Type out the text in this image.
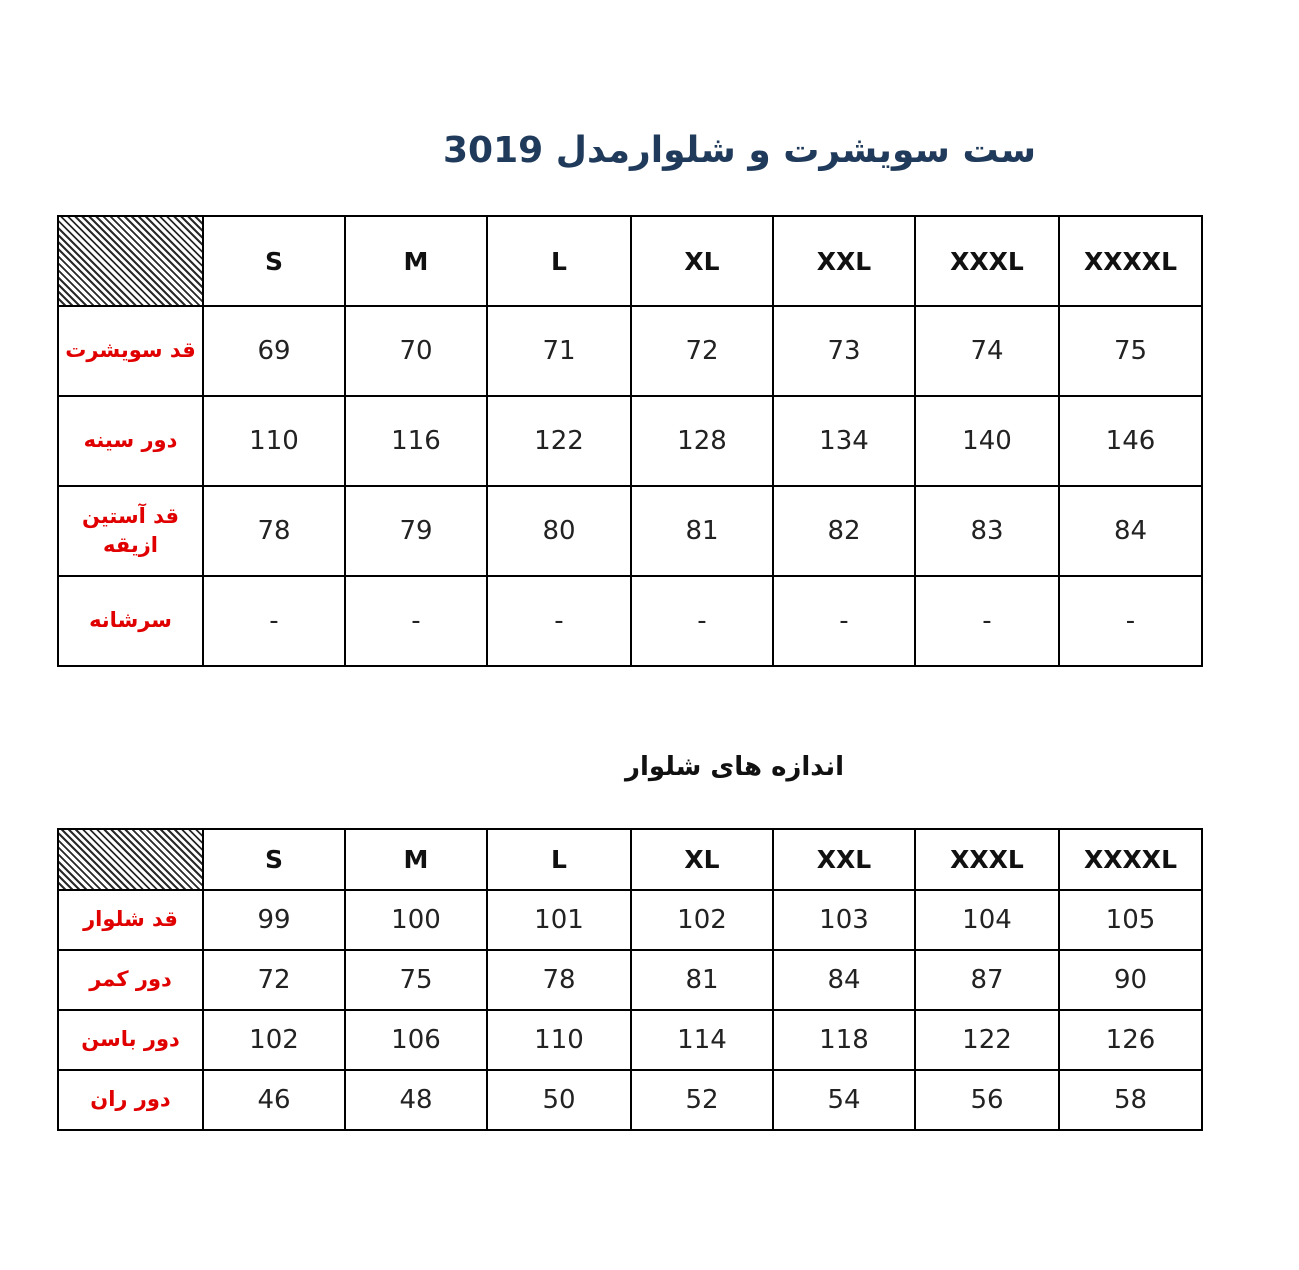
ست سویشرت و شلوارمدل 3019
	S	M	L	XL	XXL	XXXL	XXXXL
قد سویشرت	69	70	71	72	73	74	75
دور سینه	110	116	122	128	134	140	146
قد آستین ازیقه	78	79	80	81	82	83	84
سرشانه	-	-	-	-	-	-	-
اندازه های شلوار
	S	M	L	XL	XXL	XXXL	XXXXL
قد شلوار	99	100	101	102	103	104	105
دور کمر	72	75	78	81	84	87	90
دور باسن	102	106	110	114	118	122	126
دور ران	46	48	50	52	54	56	58
